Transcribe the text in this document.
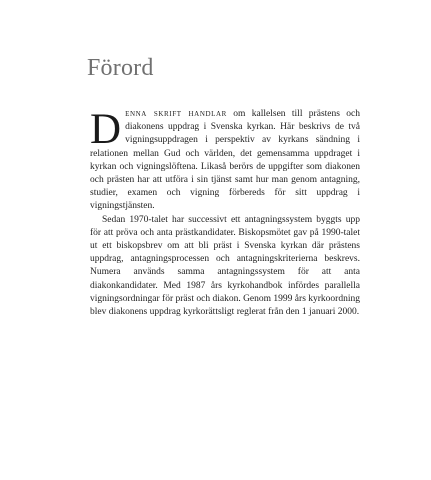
Förord

Denna skrift handlar om kallelsen till prästens och diakonens uppdrag i Svenska kyrkan. Här beskrivs de två vigningsuppdragen i perspektiv av kyrkans sändning i relationen mellan Gud och världen, det gemensamma uppdraget i kyrkan och vigningslöftena. Likaså berörs de uppgifter som diakonen och prästen har att utföra i sin tjänst samt hur man genom antagning, studier, examen och vigning förbereds för sitt uppdrag i vigningstjänsten.

Sedan 1970-talet har successivt ett antagningssystem byggts upp för att pröva och anta prästkandidater. Biskopsmötet gav på 1990-talet ut ett biskopsbrev om att bli präst i Svenska kyrkan där prästens uppdrag, antagningsprocessen och antagningskriterierna beskrevs. Numera används samma antagningssystem för att anta diakonkandidater. Med 1987 års kyrkohandbok infördes parallella vigningsordningar för präst och diakon. Genom 1999 års kyrkoordning blev diakonens uppdrag kyrkorättsligt reglerat från den 1 januari 2000.
